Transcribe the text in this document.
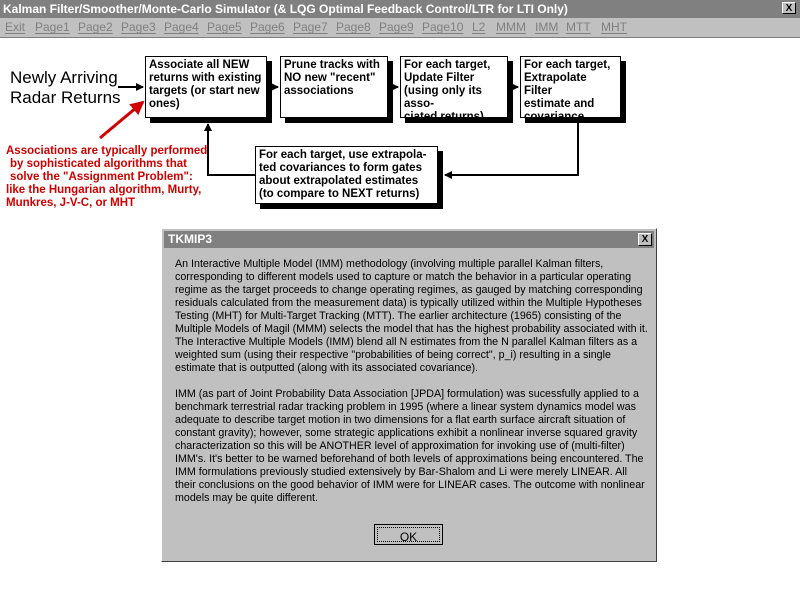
Kalman Filter/Smoother/Monte-Carlo Simulator (& LQG Optimal Feedback Control/LTR for LTI Only)	X
Exit Page1 Page2 Page3 Page4 Page5 Page6 Page7 Page8 Page9 Page10 L2 MMM IMM MTT MHT
Newly Arriving
Radar Returns
Associate all NEW
returns with existing
targets (or start new
ones)
Prune tracks with
NO new "recent"
associations
For each target,
Update Filter
(using only its asso-
ciated returns)
For each target,
Extrapolate Filter
estimate and
covariance
For each target, use extrapola-
ted covariances to form gates
about extrapolated estimates
(to compare to NEXT returns)
Associations are typically performed
by sophisticated algorithms that
solve the "Assignment Problem":
like the Hungarian algorithm, Murty,
Munkres, J-V-C, or MHT
TKMIP3	X

An Interactive Multiple Model (IMM) methodology (involving multiple parallel Kalman filters, corresponding to different models used to capture or match the behavior in a particular operating regime as the target proceeds to change operating regimes, as gauged by matching corresponding residuals calculated from the measurement data) is typically utilized within the Multiple Hypotheses Testing (MHT) for Multi-Target Tracking (MTT). The earlier architecture (1965) consisting of the Multiple Models of Magil (MMM) selects the model that has the highest probability associated with it. The Interactive Multiple Models (IMM) blend all N estimates from the N parallel Kalman filters as a weighted sum (using their respective "probabilities of being correct", p_i) resulting in a single estimate that is outputted (along with its associated covariance).

IMM (as part of Joint Probability Data Association [JPDA] formulation) was sucessfully applied to a benchmark terrestrial radar tracking problem in 1995 (where a linear system dynamics model was adequate to describe target motion in two dimensions for a flat earth surface aircraft situation of constant gravity); however, some strategic applications exhibit a nonlinear inverse squared gravity characterization so this will be ANOTHER level of approximation for invoking use of (multi-filter) IMM's. It's better to be warned beforehand of both levels of approximations being encountered. The IMM formulations previously studied extensively by Bar-Shalom and Li were merely LINEAR. All their conclusions on the good behavior of IMM were for LINEAR cases. The outcome with nonlinear models may be quite different.

OK
